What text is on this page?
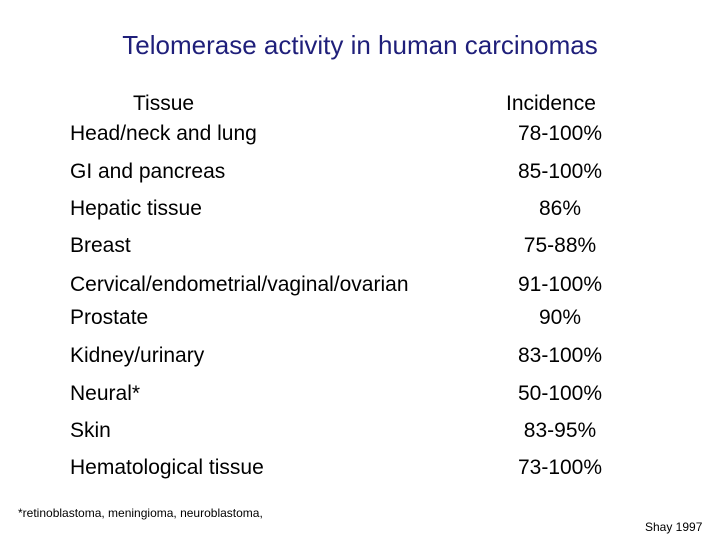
Telomerase activity in human carcinomas
Tissue	Incidence
Head/neck and lung	78-100%
GI and pancreas	85-100%
Hepatic tissue	86%
Breast	75-88%
Cervical/endometrial/vaginal/ovarian	91-100%
Prostate	90%
Kidney/urinary	83-100%
Neural*	50-100%
Skin	83-95%
Hematological tissue	73-100%
*retinoblastoma, meningioma, neuroblastoma,
Shay 1997
